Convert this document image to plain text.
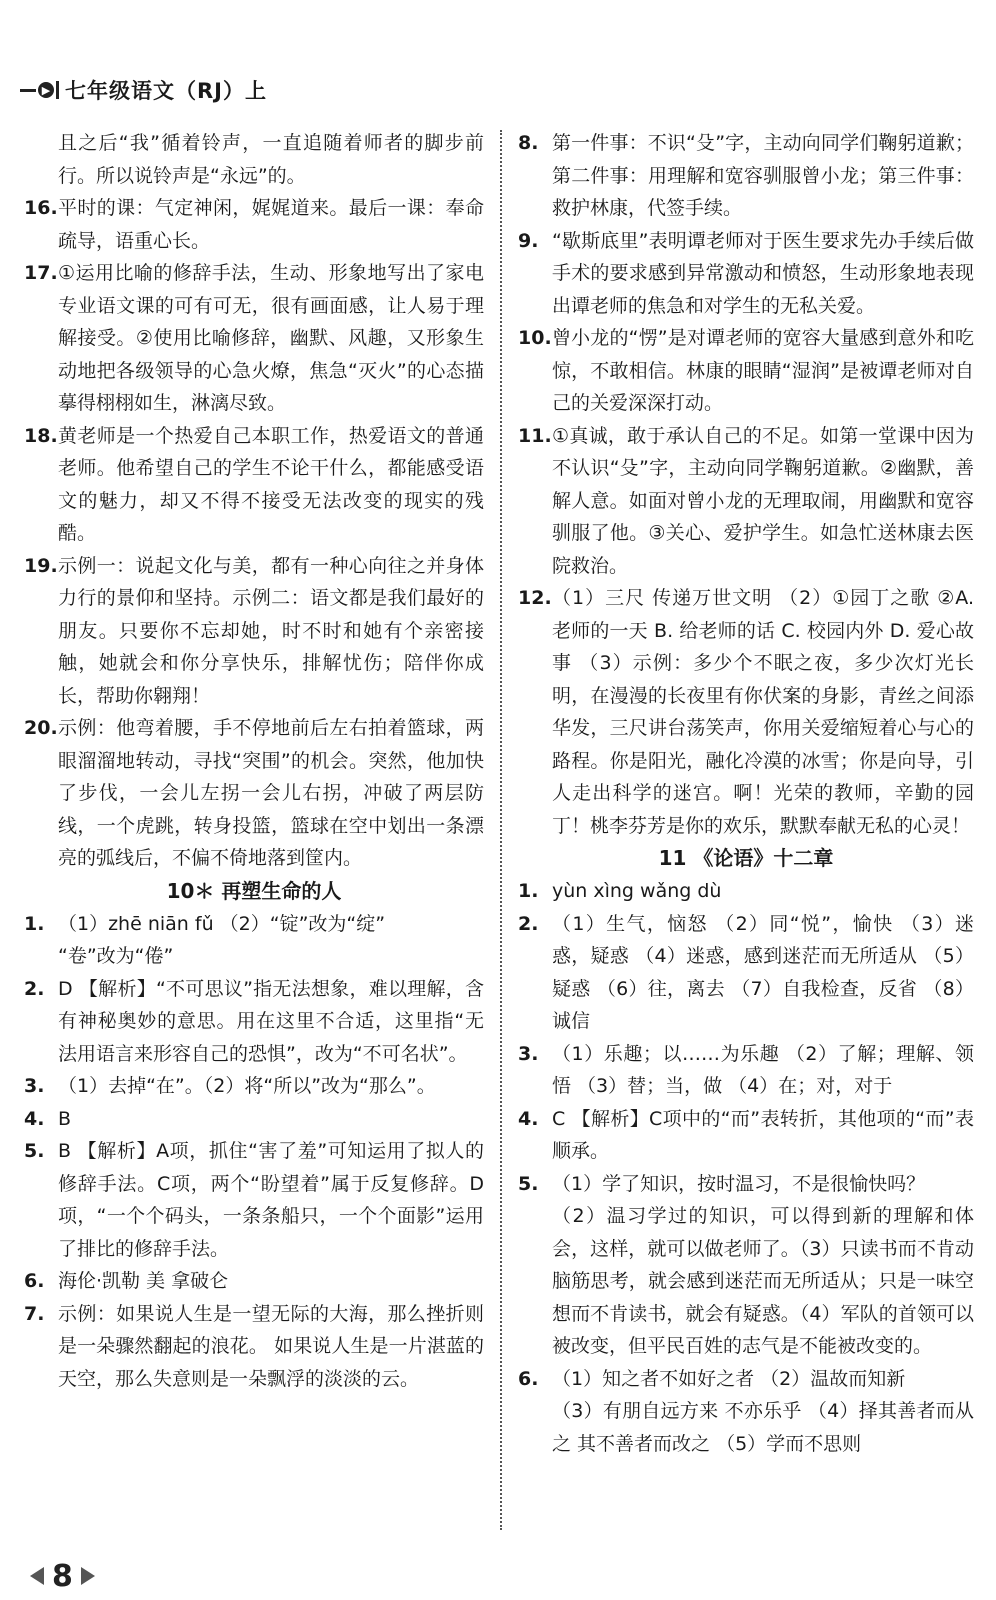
▶ 七年级语文（RJ）上
且之后“我”循着铃声，一直追随着师者的脚步前行。所以说铃声是“永远”的。
16. 平时的课：气定神闲，娓娓道来。最后一课：奉命疏导，语重心长。
17. ①运用比喻的修辞手法，生动、形象地写出了家电专业语文课的可有可无，很有画面感，让人易于理解接受。②使用比喻修辞，幽默、风趣，又形象生动地把各级领导的心急火燎，焦急“灭火”的心态描摹得栩栩如生，淋漓尽致。
18. 黄老师是一个热爱自己本职工作，热爱语文的普通老师。他希望自己的学生不论干什么，都能感受语文的魅力，却又不得不接受无法改变的现实的残酷。
19. 示例一：说起文化与美，都有一种心向往之并身体力行的景仰和坚持。示例二：语文都是我们最好的朋友。只要你不忘却她，时不时和她有个亲密接触，她就会和你分享快乐，排解忧伤；陪伴你成长，帮助你翱翔！
20. 示例：他弯着腰，手不停地前后左右拍着篮球，两眼溜溜地转动，寻找“突围”的机会。突然，他加快了步伐，一会儿左拐一会儿右拐，冲破了两层防线，一个虎跳，转身投篮，篮球在空中划出一条漂亮的弧线后，不偏不倚地落到筐内。
10＊ 再塑生命的人
1. （1）zhē niān fǔ （2）“锭”改为“绽”
“卷”改为“倦”
2. D 【解析】“不可思议”指无法想象，难以理解，含有神秘奥妙的意思。用在这里不合适，这里指“无法用语言来形容自己的恐惧”，改为“不可名状”。
3. （1）去掉“在”。（2）将“所以”改为“那么”。
4. B
5. B 【解析】A项，抓住“害了羞”可知运用了拟人的修辞手法。C项，两个“盼望着”属于反复修辞。D项，“一个个码头，一条条船只，一个个面影”运用了排比的修辞手法。
6. 海伦·凯勒 美 拿破仑
7. 示例：如果说人生是一望无际的大海，那么挫折则是一朵骤然翻起的浪花。 如果说人生是一片湛蓝的天空，那么失意则是一朵飘浮的淡淡的云。
8. 第一件事：不识“殳”字，主动向同学们鞠躬道歉；第二件事：用理解和宽容驯服曾小龙；第三件事：救护林康，代签手续。
9. “歇斯底里”表明谭老师对于医生要求先办手续后做手术的要求感到异常激动和愤怒，生动形象地表现出谭老师的焦急和对学生的无私关爱。
10. 曾小龙的“愣”是对谭老师的宽容大量感到意外和吃惊，不敢相信。林康的眼睛“湿润”是被谭老师对自己的关爱深深打动。
11. ①真诚，敢于承认自己的不足。如第一堂课中因为不认识“殳”字，主动向同学鞠躬道歉。②幽默，善解人意。如面对曾小龙的无理取闹，用幽默和宽容驯服了他。③关心、爱护学生。如急忙送林康去医院救治。
12. （1）三尺 传递万世文明 （2）①园丁之歌 ②A. 老师的一天 B. 给老师的话 C. 校园内外 D. 爱心故事 （3）示例：多少个不眠之夜，多少次灯光长明，在漫漫的长夜里有你伏案的身影，青丝之间添华发，三尺讲台荡笑声，你用关爱缩短着心与心的路程。你是阳光，融化冷漠的冰雪；你是向导，引人走出科学的迷宫。啊！光荣的教师，辛勤的园丁！桃李芬芳是你的欢乐，默默奉献无私的心灵！
11 《论语》十二章
1. yùn xìng wǎng dù
2. （1）生气，恼怒 （2）同“悦”，愉快 （3）迷惑，疑惑 （4）迷惑，感到迷茫而无所适从 （5）疑惑 （6）往，离去 （7）自我检查，反省 （8）诚信
3. （1）乐趣；以……为乐趣 （2）了解；理解、领悟 （3）替；当，做 （4）在；对，对于
4. C 【解析】C项中的“而”表转折，其他项的“而”表顺承。
5. （1）学了知识，按时温习，不是很愉快吗？
（2）温习学过的知识，可以得到新的理解和体会，这样，就可以做老师了。（3）只读书而不肯动脑筋思考，就会感到迷茫而无所适从；只是一味空想而不肯读书，就会有疑惑。（4）军队的首领可以被改变，但平民百姓的志气是不能被改变的。
6. （1）知之者不如好之者 （2）温故而知新
（3）有朋自远方来 不亦乐乎 （4）择其善者而从之 其不善者而改之 （5）学而不思则
8
